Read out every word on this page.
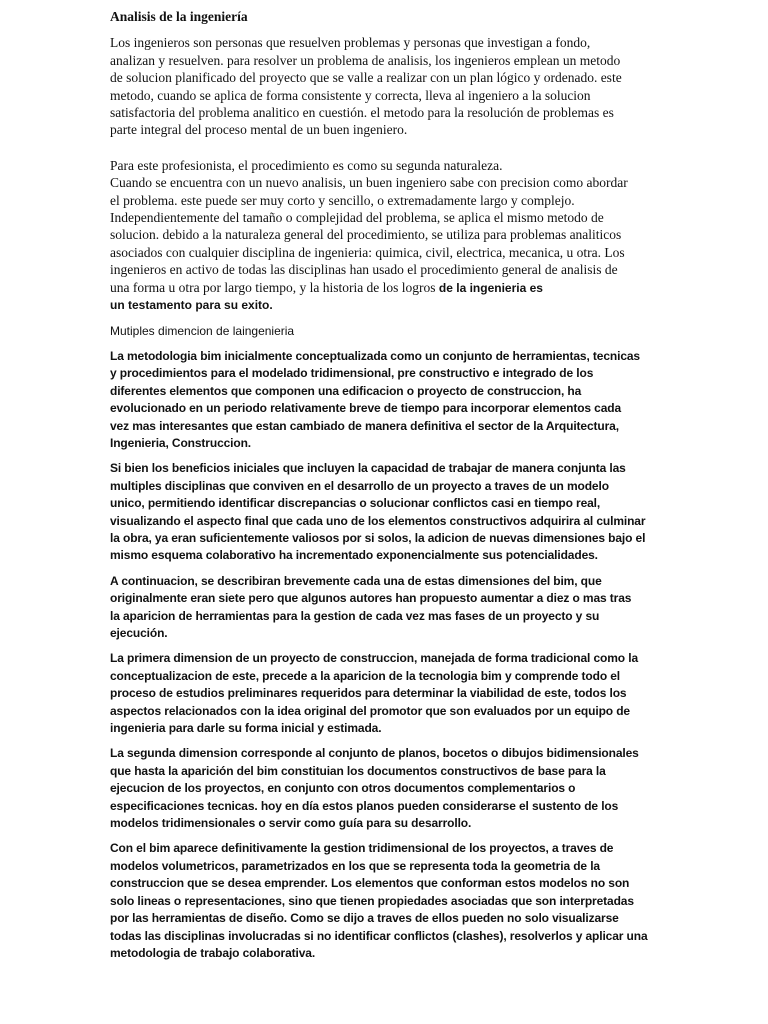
Analisis de la ingeniería
Los ingenieros son personas que resuelven problemas y personas que investigan a fondo,
analizan y resuelven. para resolver un problema de analisis, los ingenieros emplean un metodo
de solucion planificado del proyecto que se valle a realizar con un plan lógico y ordenado. este
metodo, cuando se aplica de forma consistente y correcta, lleva al ingeniero a la solucion
satisfactoria del problema analitico en cuestión. el metodo para la resolución de problemas es
parte integral del proceso mental de un buen ingeniero.
Para este profesionista, el procedimiento es como su segunda naturaleza.
Cuando se encuentra con un nuevo analisis, un buen ingeniero sabe con precision como abordar
el problema. este puede ser muy corto y sencillo, o extremadamente largo y complejo.
Independientemente del tamaño o complejidad del problema, se aplica el mismo metodo de
solucion. debido a la naturaleza general del procedimiento, se utiliza para problemas analiticos
asociados con cualquier disciplina de ingenieria: quimica, civil, electrica, mecanica, u otra. Los
ingenieros en activo de todas las disciplinas han usado el procedimiento general de analisis de
una forma u otra por largo tiempo, y la historia de los logros de la ingenieria es
un testamento para su exito.
Mutiples dimencion de laingenieria
La metodologia bim inicialmente conceptualizada como un conjunto de herramientas, tecnicas
y procedimientos para el modelado tridimensional, pre constructivo e integrado de los
diferentes elementos que componen una edificacion o proyecto de construccion, ha
evolucionado en un periodo relativamente breve de tiempo para incorporar elementos cada
vez mas interesantes que estan cambiado de manera definitiva el sector de la Arquitectura,
Ingenieria, Construccion.
Si bien los beneficios iniciales que incluyen la capacidad de trabajar de manera conjunta las
multiples disciplinas que conviven en el desarrollo de un proyecto a traves de un modelo
unico, permitiendo identificar discrepancias o solucionar conflictos casi en tiempo real,
visualizando el aspecto final que cada uno de los elementos constructivos adquirira al culminar
la obra, ya eran suficientemente valiosos por si solos, la adicion de nuevas dimensiones bajo el
mismo esquema colaborativo ha incrementado exponencialmente sus potencialidades.
A continuacion, se describiran brevemente cada una de estas dimensiones del bim, que
originalmente eran siete pero que algunos autores han propuesto aumentar a diez o mas tras
la aparicion de herramientas para la gestion de cada vez mas fases de un proyecto y su
ejecución.
La primera dimension de un proyecto de construccion, manejada de forma tradicional como la
conceptualizacion de este, precede a la aparicion de la tecnologia bim y comprende todo el
proceso de estudios preliminares requeridos para determinar la viabilidad de este, todos los
aspectos relacionados con la idea original del promotor que son evaluados por un equipo de
ingenieria para darle su forma inicial y estimada.
La segunda dimension corresponde al conjunto de planos, bocetos o dibujos bidimensionales
que hasta la aparición del bim constituian los documentos constructivos de base para la
ejecucion de los proyectos, en conjunto con otros documentos complementarios o
especificaciones tecnicas. hoy en día estos planos pueden considerarse el sustento de los
modelos tridimensionales o servir como guía para su desarrollo.
Con el bim aparece definitivamente la gestion tridimensional de los proyectos, a traves de
modelos volumetricos, parametrizados en los que se representa toda la geometria de la
construccion que se desea emprender. Los elementos que conforman estos modelos no son
solo lineas o representaciones, sino que tienen propiedades asociadas que son interpretadas
por las herramientas de diseño. Como se dijo a traves de ellos pueden no solo visualizarse
todas las disciplinas involucradas si no identificar conflictos (clashes), resolverlos y aplicar una
metodologia de trabajo colaborativa.
